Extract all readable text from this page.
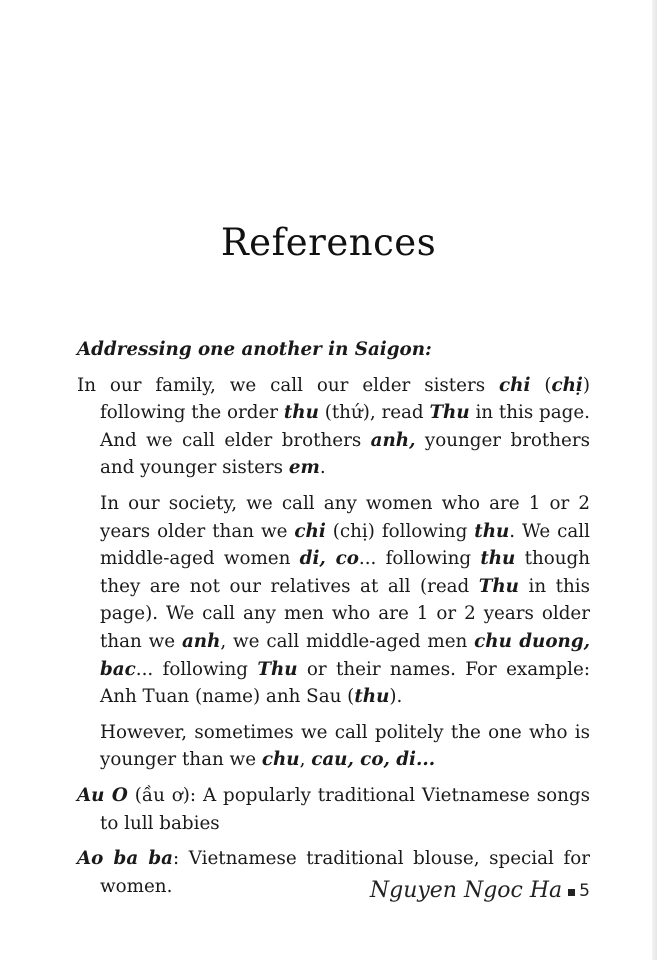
References
Addressing one another in Saigon:

In our family, we call our elder sisters chi (chị) following the order thu (thứ), read Thu in this page. And we call elder brothers anh, younger brothers and younger sisters em.

In our society, we call any women who are 1 or 2 years older than we chi (chị) following thu. We call middle-aged women di, co... following thu though they are not our relatives at all (read Thu in this page). We call any men who are 1 or 2 years older than we anh, we call middle-aged men chu duong, bac... following Thu or their names. For example: Anh Tuan (name) anh Sau (thu).

However, sometimes we call politely the one who is younger than we chu, cau, co, di...

Au O (ầu ơ): A popularly traditional Vietnamese songs to lull babies

Ao ba ba: Vietnamese traditional blouse, special for women.	Nguyen Ngoc Ha 5
